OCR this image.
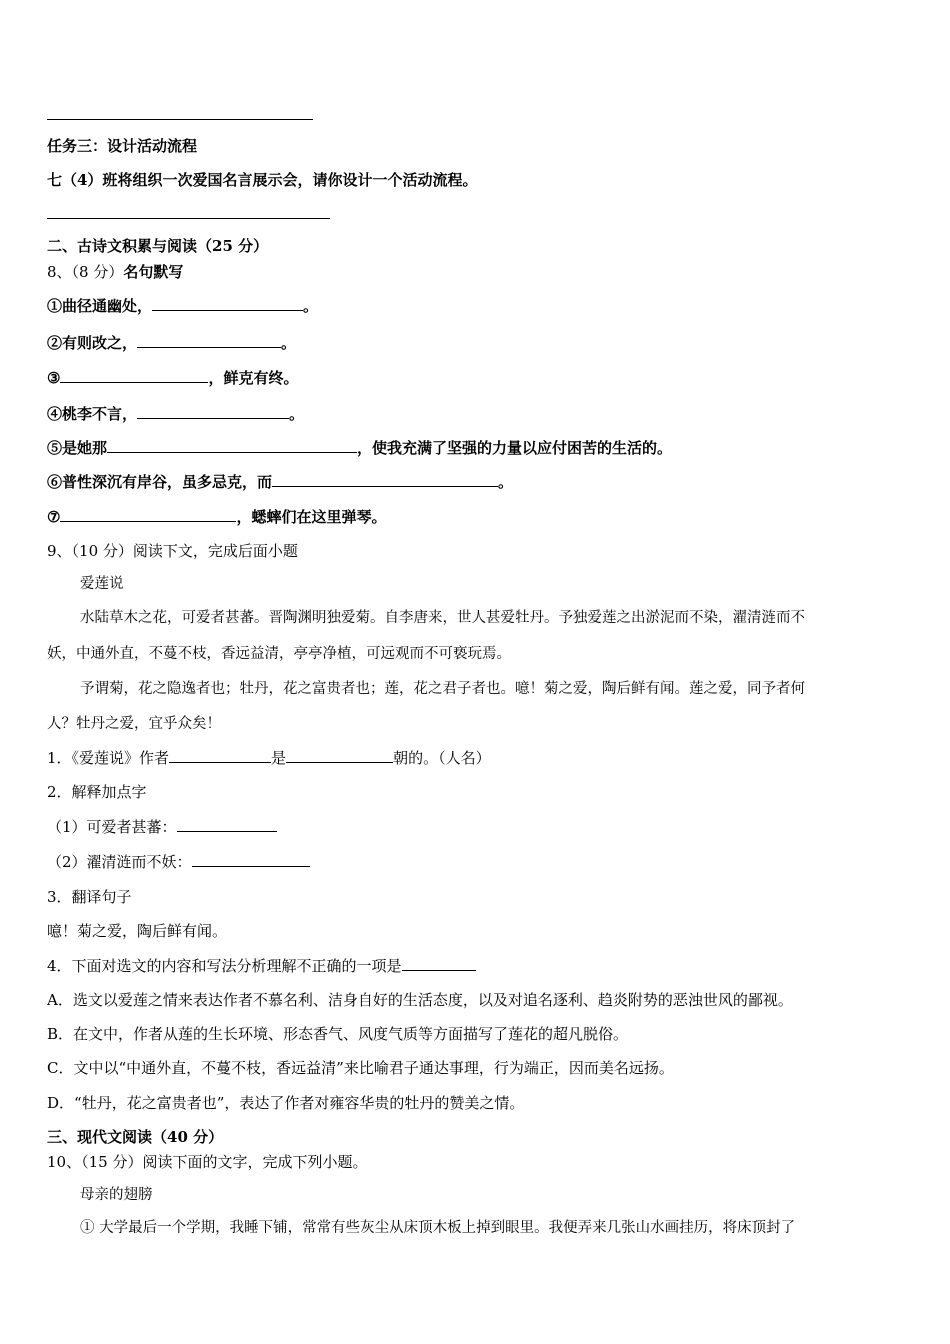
任务三：设计活动流程
七（4）班将组织一次爱国名言展示会，请你设计一个活动流程。
二、古诗文积累与阅读（25 分）
8、（8 分）名句默写
①曲径通幽处，	。
②有则改之，	。
③	，鲜克有终。
④桃李不言，	。
⑤是她那	，使我充满了坚强的力量以应付困苦的生活的。
⑥普性深沉有岸谷，虽多忌克，而	。
⑦	，蟋蟀们在这里弹琴。
9、（10 分）阅读下文，完成后面小题
爱莲说
水陆草木之花，可爱者甚蕃。晋陶渊明独爱菊。自李唐来，世人甚爱牡丹。予独爱莲之出淤泥而不染，濯清涟而不
妖，中通外直，不蔓不枝，香远益清，亭亭净植，可远观而不可亵玩焉。
予谓菊，花之隐逸者也；牡丹，花之富贵者也；莲，花之君子者也。噫！菊之爱，陶后鲜有闻。莲之爱，同予者何
人？牡丹之爱，宜乎众矣！
1．《爱莲说》作者	是	朝的。（人名）
2．解释加点字
（1）可爱者甚蕃：
（2）濯清涟而不妖：
3．翻译句子
噫！菊之爱，陶后鲜有闻。
4．下面对选文的内容和写法分析理解不正确的一项是
A．选文以爱莲之情来表达作者不慕名利、洁身自好的生活态度，以及对追名逐利、趋炎附势的恶浊世风的鄙视。
B．在文中，作者从莲的生长环境、形态香气、风度气质等方面描写了莲花的超凡脱俗。
C．文中以“中通外直，不蔓不枝，香远益清”来比喻君子通达事理，行为端正，因而美名远扬。
D．“牡丹，花之富贵者也”，表达了作者对雍容华贵的牡丹的赞美之情。
三、现代文阅读（40 分）
10、（15 分）阅读下面的文字，完成下列小题。
母亲的翅膀
① 大学最后一个学期，我睡下铺，常常有些灰尘从床顶木板上掉到眼里。我便弄来几张山水画挂历，将床顶封了
